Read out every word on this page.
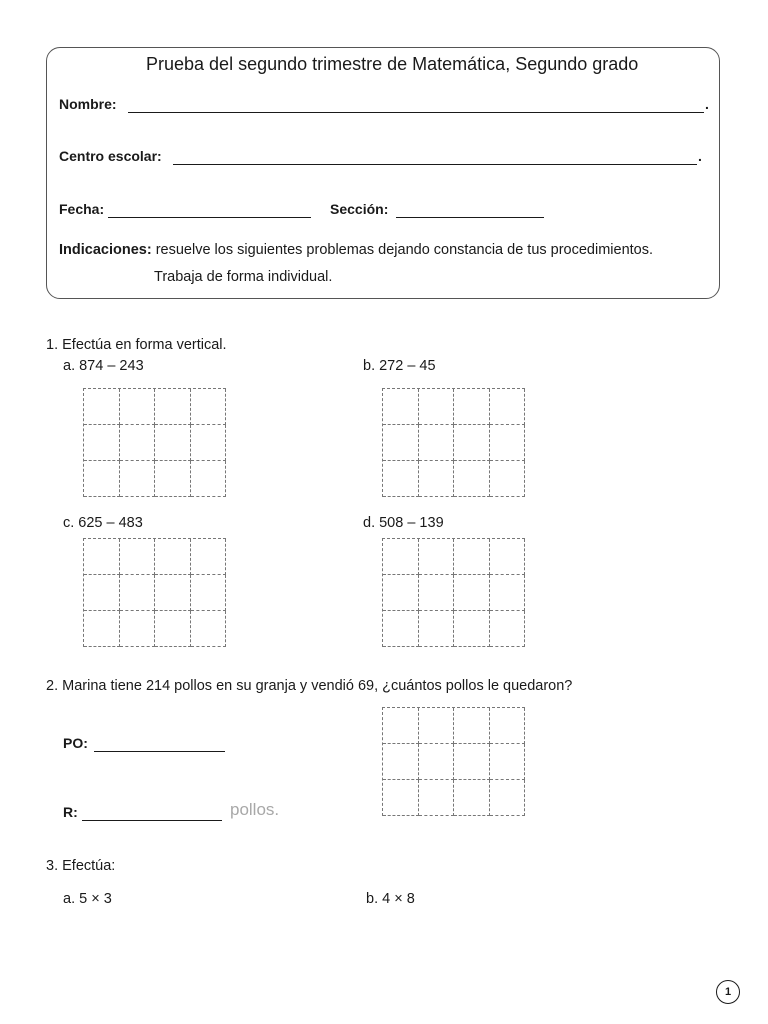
Prueba del segundo trimestre de Matemática, Segundo grado
Nombre:	.
Centro escolar:	.
Fecha:	Sección:
Indicaciones: resuelve los siguientes problemas dejando constancia de tus procedimientos.
Trabaja de forma individual.
1. Efectúa en forma vertical.
a. 874 – 243	b. 272 – 45
c. 625 – 483	d. 508 – 139
2. Marina tiene 214 pollos en su granja y vendió 69, ¿cuántos pollos le quedaron?
PO:
R:	pollos.
3. Efectúa:
a. 5 × 3	b. 4 × 8
1
